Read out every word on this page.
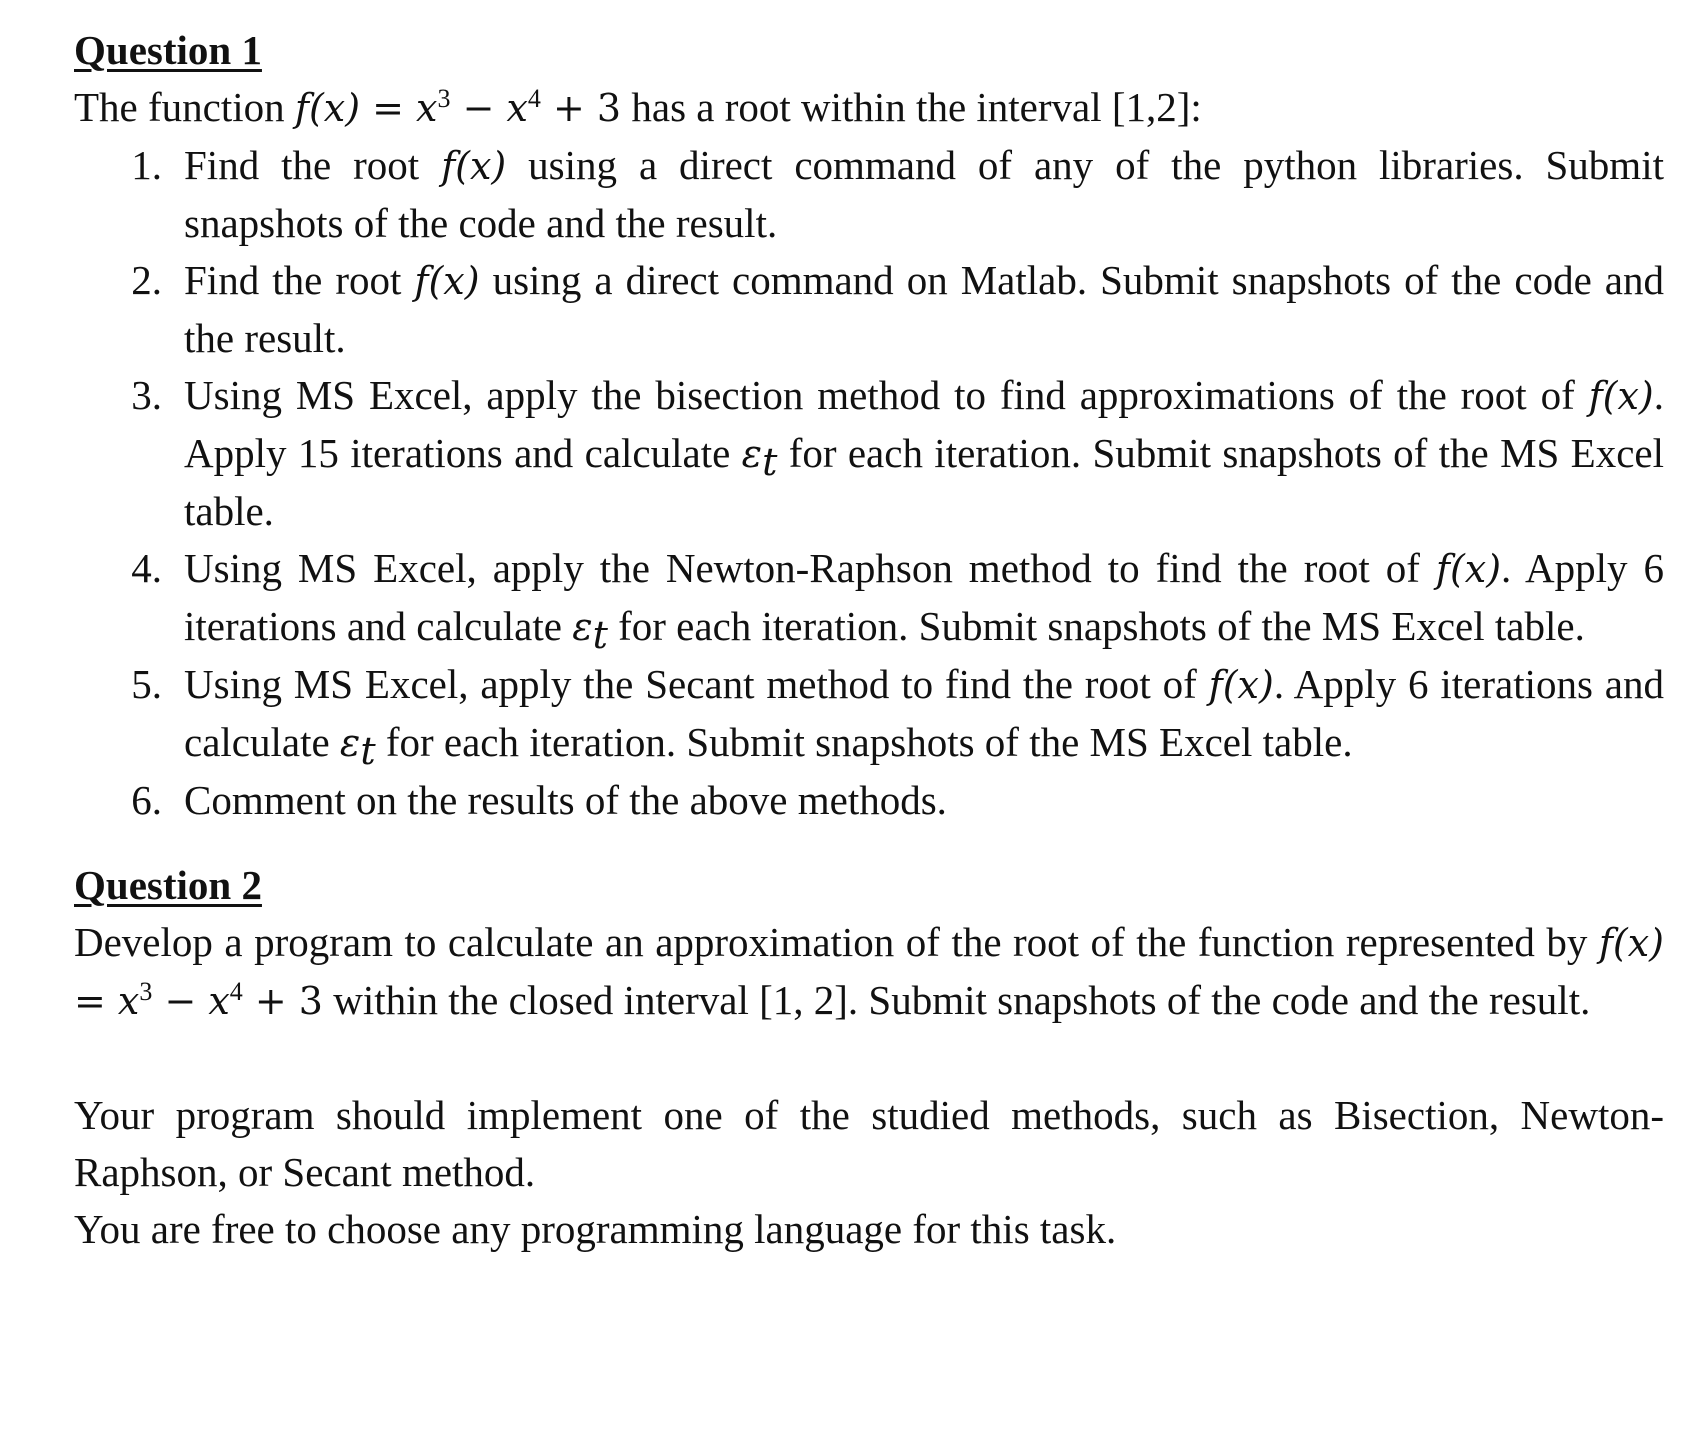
Question 1

The function $f(x) = x^3 - x^4 + 3$ has a root within the interval [1,2]:

1. Find the root f(x) using a direct command of any of the python libraries. Submit snapshots of the code and the result.
2. Find the root f(x) using a direct command on Matlab. Submit snapshots of the code and the result.
3. Using MS Excel, apply the bisection method to find approximations of the root of f(x). Apply 15 iterations and calculate $\varepsilon_t$ for each iteration. Submit snapshots of the MS Excel table.
4. Using MS Excel, apply the Newton-Raphson method to find the root of f(x). Apply 6 iterations and calculate $\varepsilon_t$ for each iteration. Submit snapshots of the MS Excel table.
5. Using MS Excel, apply the Secant method to find the root of f(x). Apply 6 iterations and calculate $\varepsilon_t$ for each iteration. Submit snapshots of the MS Excel table.
6. Comment on the results of the above methods.

Question 2

Develop a program to calculate an approximation of the root of the function represented by $f(x) = x^3 - x^4 + 3$ within the closed interval [1, 2]. Submit snapshots of the code and the result.

Your program should implement one of the studied methods, such as Bisection, Newton-Raphson, or Secant method.

You are free to choose any programming language for this task.
